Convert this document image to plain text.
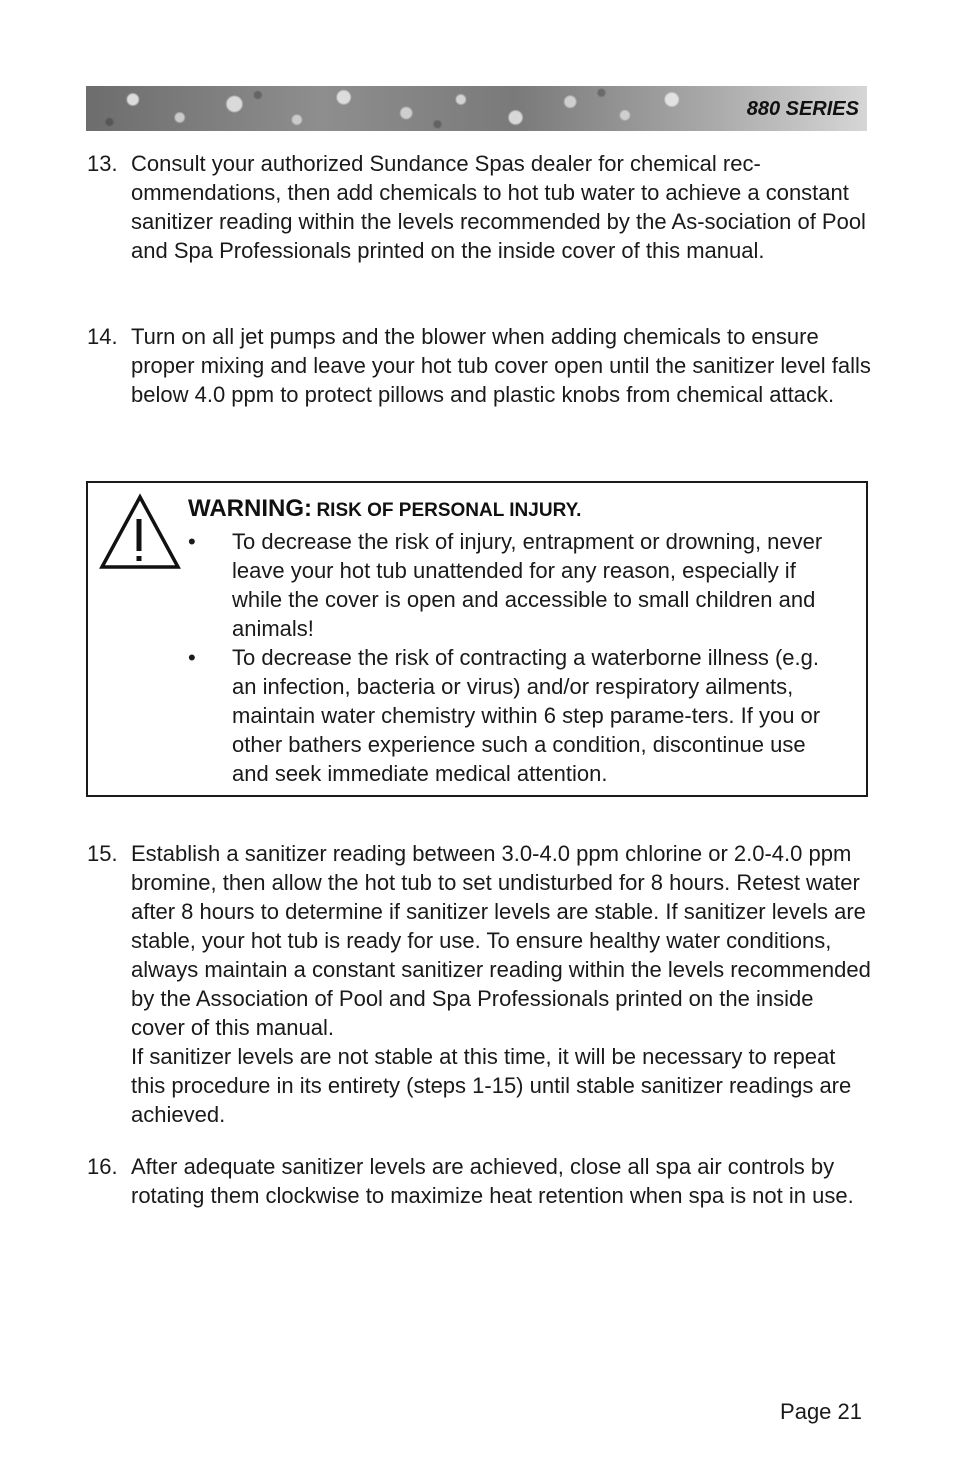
880 SERIES
13. Consult your authorized Sundance Spas dealer for chemical rec-ommendations, then add chemicals to hot tub water to achieve a constant sanitizer reading within the levels recommended by the As-sociation of Pool and Spa Professionals printed on the inside cover of this manual.
14. Turn on all jet pumps and the blower when adding chemicals to ensure proper mixing and leave your hot tub cover open until the sanitizer level falls below 4.0 ppm to protect pillows and plastic knobs from chemical attack.
WARNING: RISK OF PERSONAL INJURY.
• To decrease the risk of injury, entrapment or drowning, never leave your hot tub unattended for any reason, especially if while the cover is open and accessible to small children and animals!
• To decrease the risk of contracting a waterborne illness (e.g. an infection, bacteria or virus) and/or respiratory ailments, maintain water chemistry within 6 step parame-ters. If you or other bathers experience such a condition, discontinue use and seek immediate medical attention.
15. Establish a sanitizer reading between 3.0-4.0 ppm chlorine or 2.0-4.0 ppm bromine, then allow the hot tub to set undisturbed for 8 hours. Retest water after 8 hours to determine if sanitizer levels are stable. If sanitizer levels are stable, your hot tub is ready for use. To ensure healthy water conditions, always maintain a constant sanitizer reading within the levels recommended by the Association of Pool and Spa Professionals printed on the inside cover of this manual.
If sanitizer levels are not stable at this time, it will be necessary to repeat this procedure in its entirety (steps 1-15) until stable sanitizer readings are achieved.
16. After adequate sanitizer levels are achieved, close all spa air controls by rotating them clockwise to maximize heat retention when spa is not in use.
Page 21
